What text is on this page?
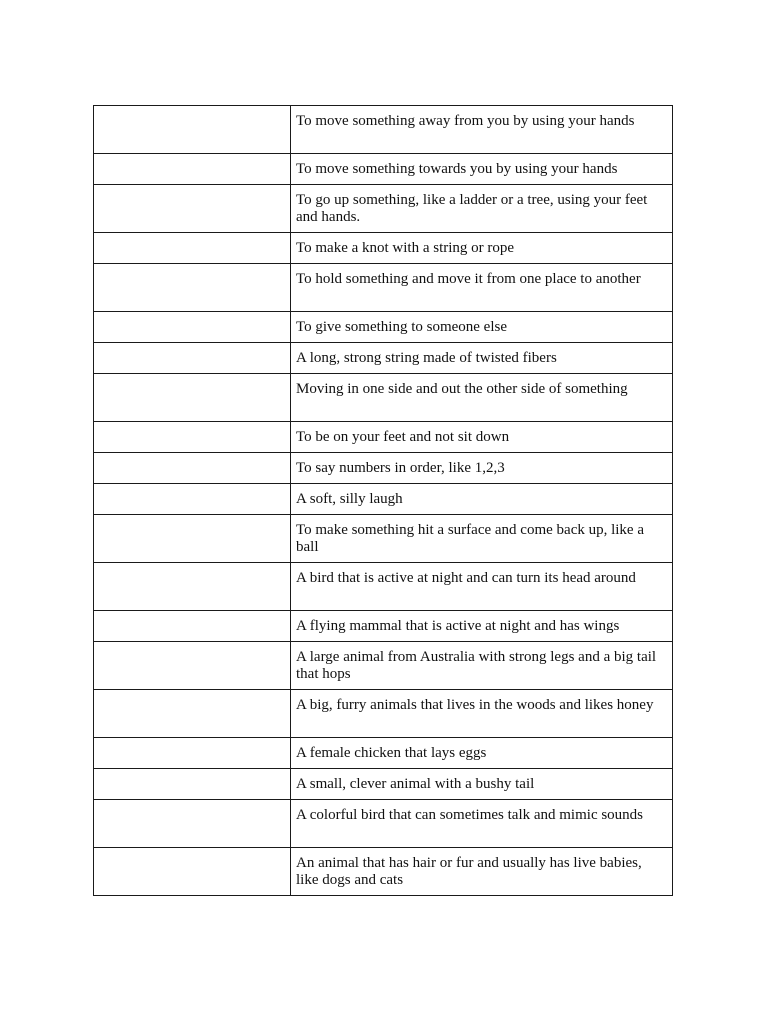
	To move something away from you by using your hands
	To move something towards you by using your hands
	To go up something, like a ladder or a tree, using your feet and hands.
	To make a knot with a string or rope
	To hold something and move it from one place to another
	To give something to someone else
	A long, strong string made of twisted fibers
	Moving in one side and out the other side of something
	To be on your feet and not sit down
	To say numbers in order, like 1,2,3
	A soft, silly laugh
	To make something hit a surface and come back up, like a ball
	A bird that is active at night and can turn its head around
	A flying mammal that is active at night and has wings
	A large animal from Australia with strong legs and a big tail that hops
	A big, furry animals that lives in the woods and likes honey
	A female chicken that lays eggs
	A small, clever animal with a bushy tail
	A colorful bird that can sometimes talk and mimic sounds
	An animal that has hair or fur and usually has live babies, like dogs and cats
